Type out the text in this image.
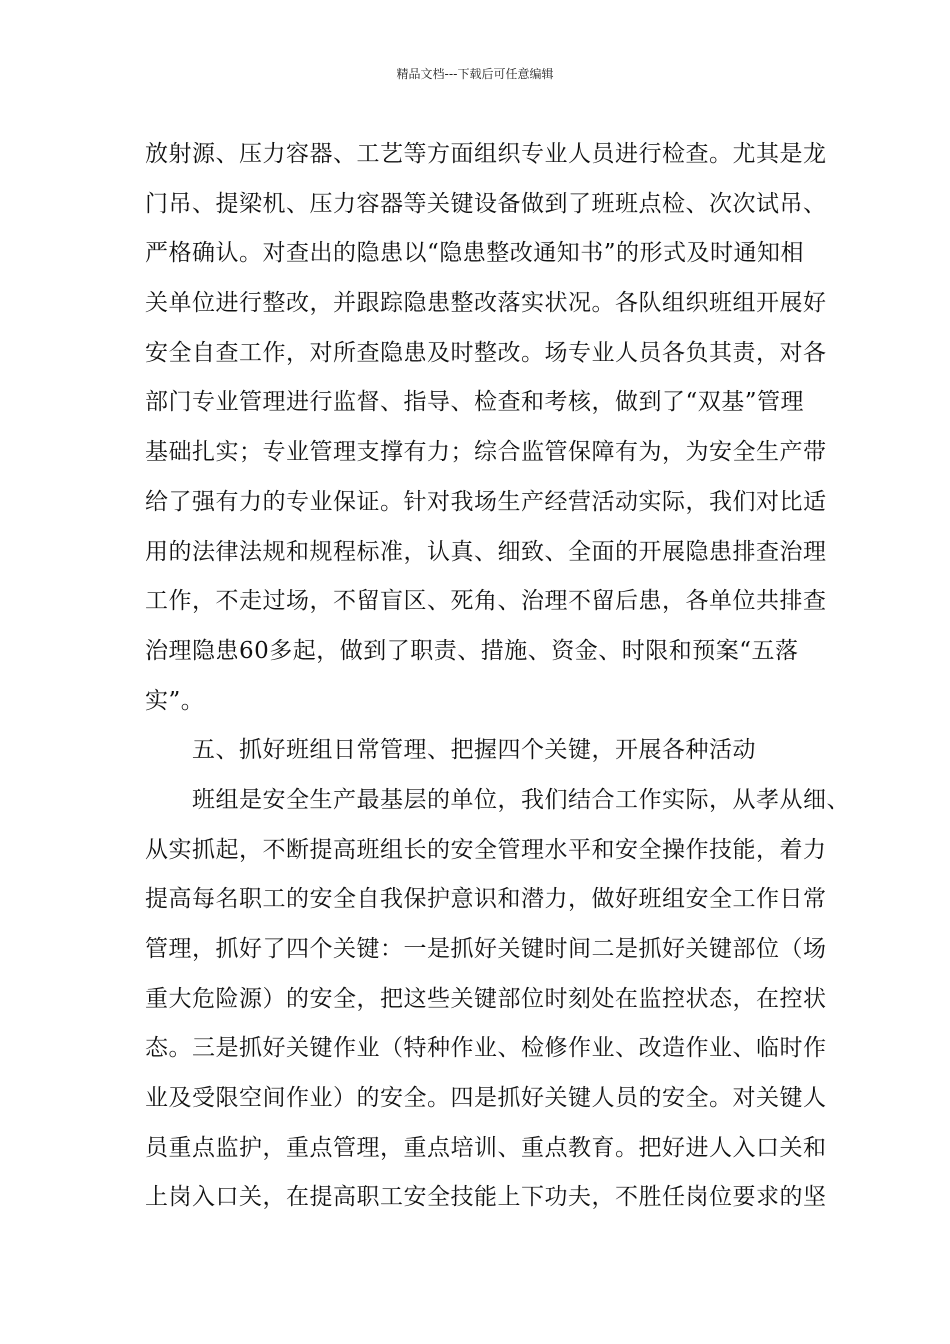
精品文档---下载后可任意编辑
放射源、压力容器、工艺等方面组织专业人员进行检查。尤其是龙
门吊、提梁机、压力容器等关键设备做到了班班点检、次次试吊、
严格确认。对查出的隐患以“隐患整改通知书”的形式及时通知相
关单位进行整改，并跟踪隐患整改落实状况。各队组织班组开展好
安全自查工作，对所查隐患及时整改。场专业人员各负其责，对各
部门专业管理进行监督、指导、检查和考核，做到了“双基”管理
基础扎实；专业管理支撑有力；综合监管保障有为，为安全生产带
给了强有力的专业保证。针对我场生产经营活动实际，我们对比适
用的法律法规和规程标准，认真、细致、全面的开展隐患排查治理
工作，不走过场，不留盲区、死角、治理不留后患，各单位共排查
治理隐患60多起，做到了职责、措施、资金、时限和预案“五落
实”。
五、抓好班组日常管理、把握四个关键，开展各种活动
班组是安全生产最基层的单位，我们结合工作实际，从孝从细、
从实抓起，不断提高班组长的安全管理水平和安全操作技能，着力
提高每名职工的安全自我保护意识和潜力，做好班组安全工作日常
管理，抓好了四个关键：一是抓好关键时间二是抓好关键部位（场
重大危险源）的安全，把这些关键部位时刻处在监控状态，在控状
态。三是抓好关键作业（特种作业、检修作业、改造作业、临时作
业及受限空间作业）的安全。四是抓好关键人员的安全。对关键人
员重点监护，重点管理，重点培训、重点教育。把好进人入口关和
上岗入口关，在提高职工安全技能上下功夫，不胜任岗位要求的坚
